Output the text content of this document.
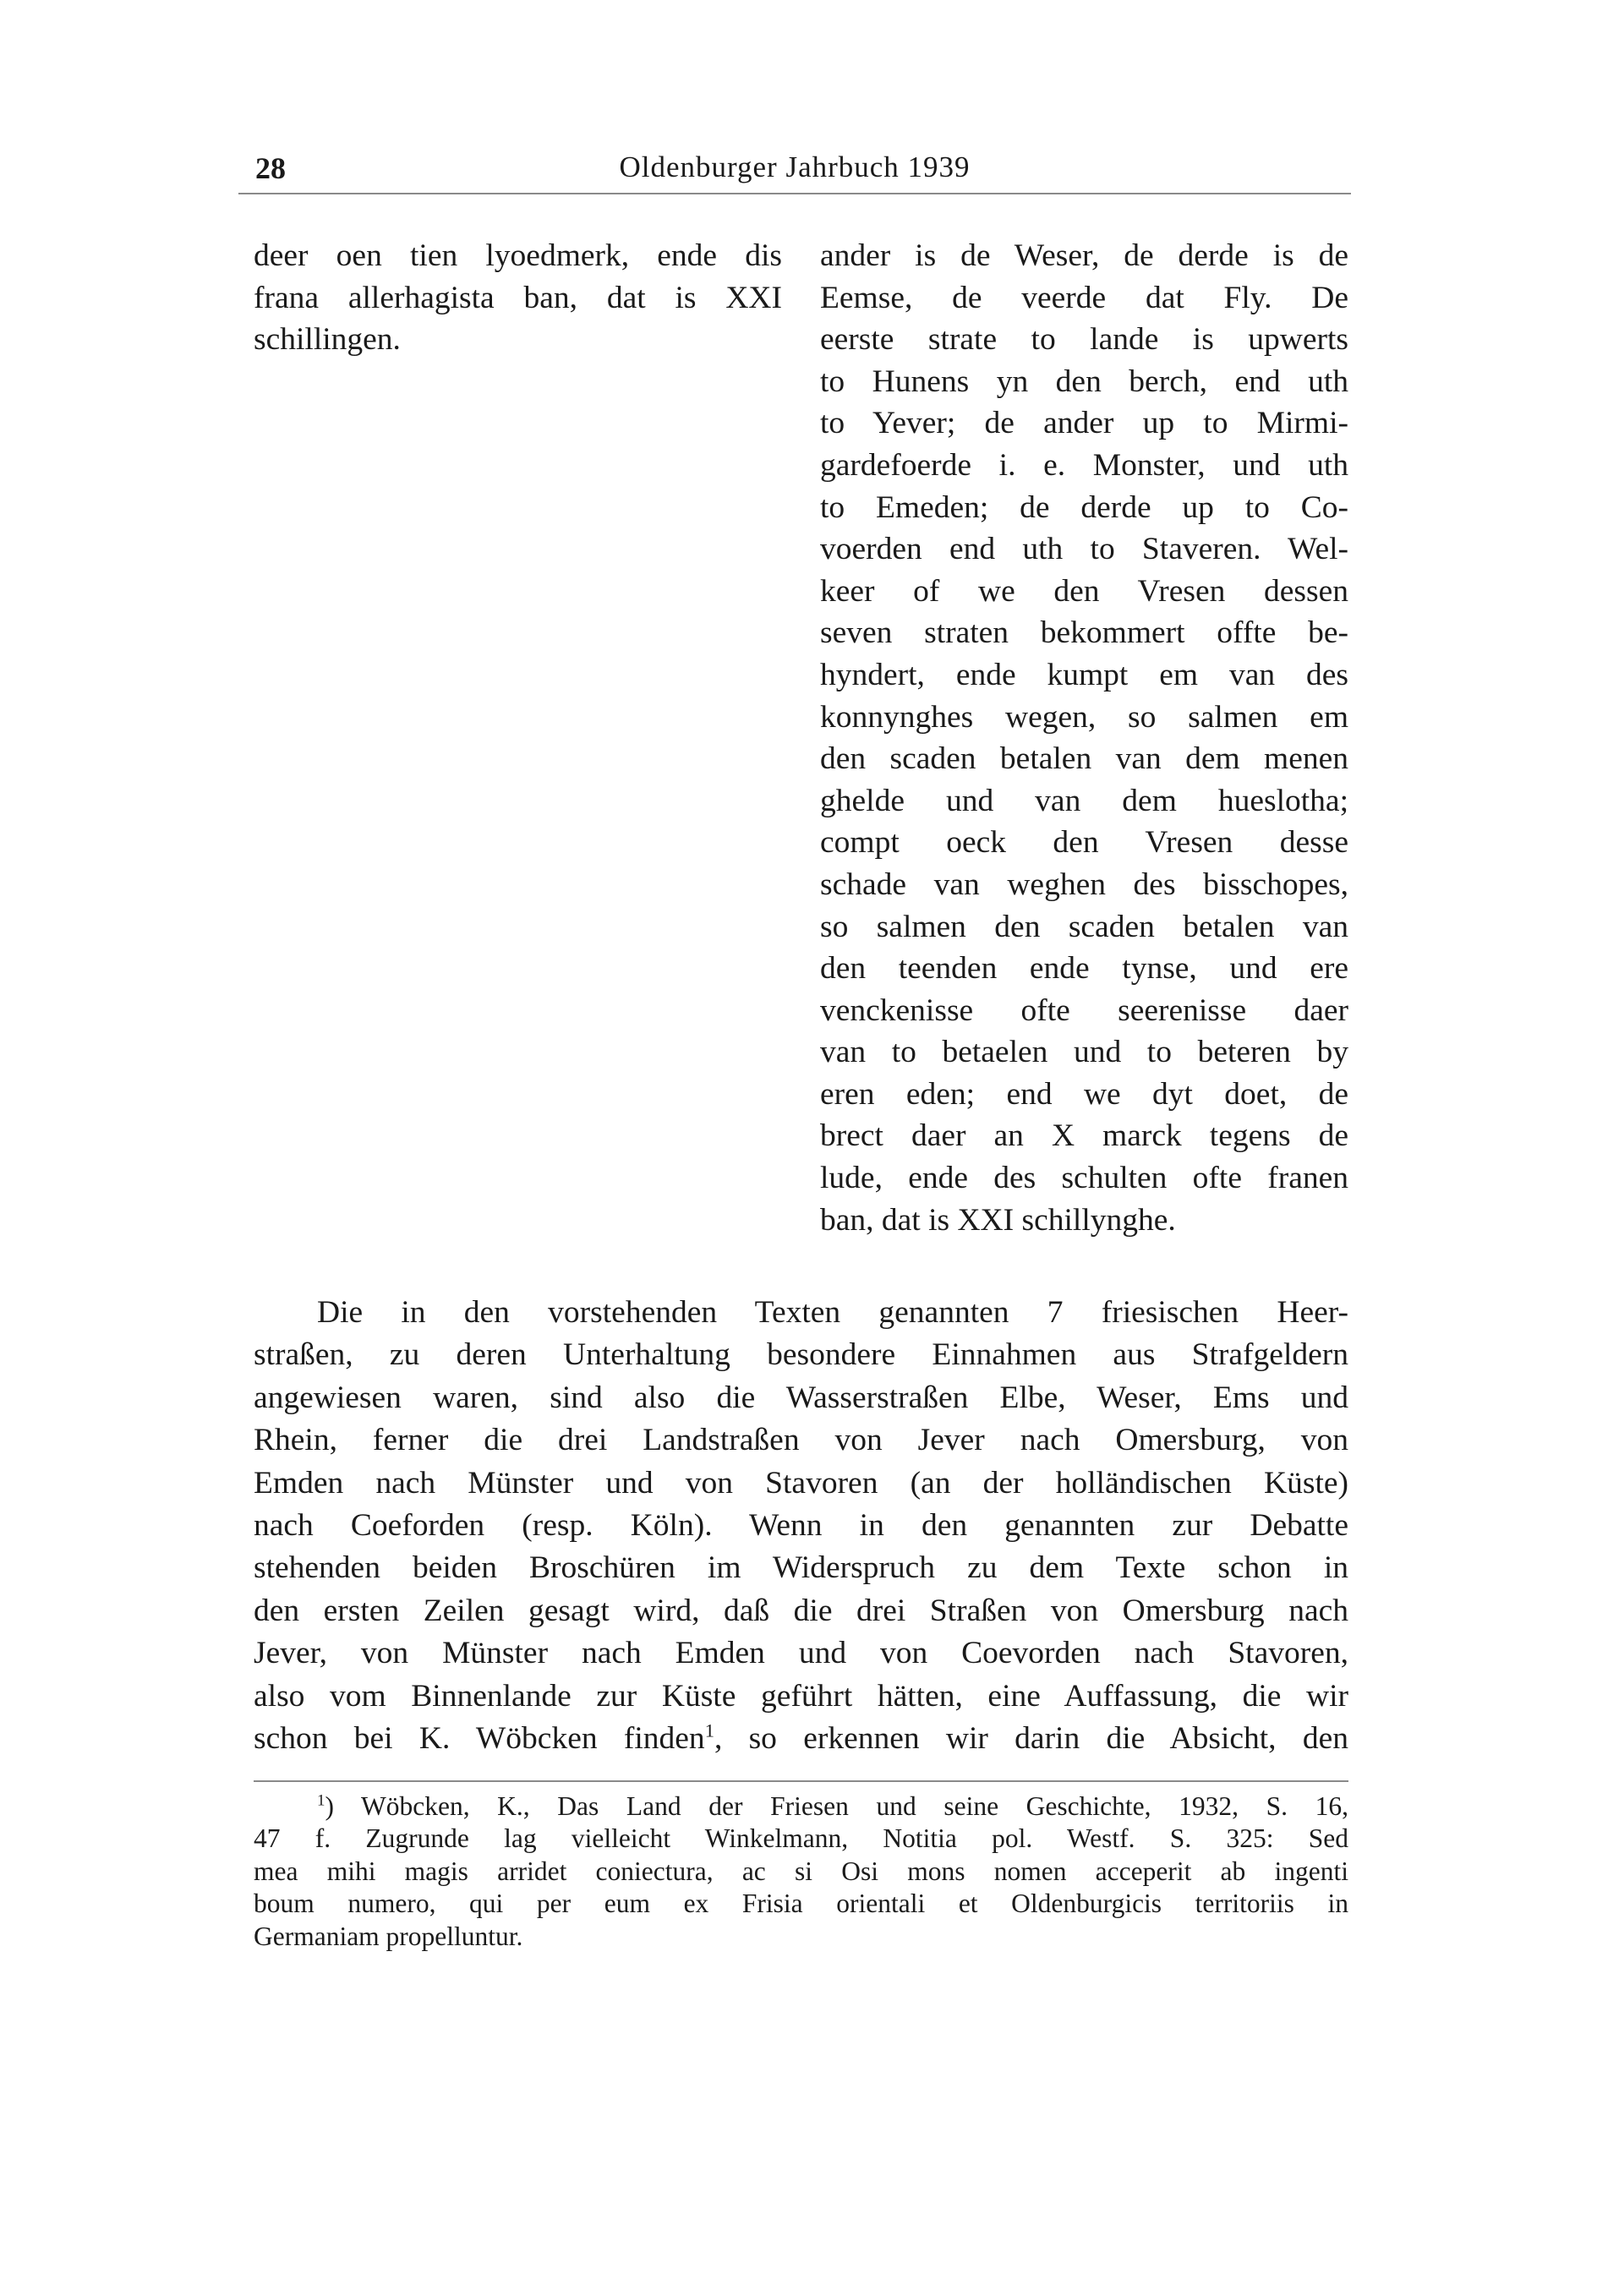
28	Oldenburger Jahrbuch 1939
deer oen tien lyoedmerk, ende dis
frana allerhagista ban, dat is XXI
schillingen.
ander is de Weser, de derde is de
Eemse, de veerde dat Fly. De
eerste strate to lande is upwerts
to Hunens yn den berch, end uth
to Yever; de ander up to Mirmi-
gardefoerde i. e. Monster, und uth
to Emeden; de derde up to Co-
voerden end uth to Staveren. Wel-
keer of we den Vresen dessen
seven straten bekommert offte be-
hyndert, ende kumpt em van des
konnynghes wegen, so salmen em
den scaden betalen van dem menen
ghelde und van dem hueslotha;
compt oeck den Vresen desse
schade van weghen des bisschopes,
so salmen den scaden betalen van
den teenden ende tynse, und ere
venckenisse ofte seerenisse daer
van to betaelen und to beteren by
eren eden; end we dyt doet, de
brect daer an X marck tegens de
lude, ende des schulten ofte franen
ban, dat is XXI schillynghe.
Die in den vorstehenden Texten genannten 7 friesischen Heer-
straßen, zu deren Unterhaltung besondere Einnahmen aus Strafgeldern
angewiesen waren, sind also die Wasserstraßen Elbe, Weser, Ems und
Rhein, ferner die drei Landstraßen von Jever nach Omersburg, von
Emden nach Münster und von Stavoren (an der holländischen Küste)
nach Coeforden (resp. Köln). Wenn in den genannten zur Debatte
stehenden beiden Broschüren im Widerspruch zu dem Texte schon in
den ersten Zeilen gesagt wird, daß die drei Straßen von Omersburg nach
Jever, von Münster nach Emden und von Coevorden nach Stavoren,
also vom Binnenlande zur Küste geführt hätten, eine Auffassung, die wir
schon bei K. Wöbcken finden$^1$, so erkennen wir darin die Absicht, den
$^1$) Wöbcken, K., Das Land der Friesen und seine Geschichte, 1932, S. 16,
47 f. Zugrunde lag vielleicht Winkelmann, Notitia pol. Westf. S. 325: Sed
mea mihi magis arridet coniectura, ac si Osi mons nomen acceperit ab ingenti
boum numero, qui per eum ex Frisia orientali et Oldenburgicis territoriis in
Germaniam propelluntur.
